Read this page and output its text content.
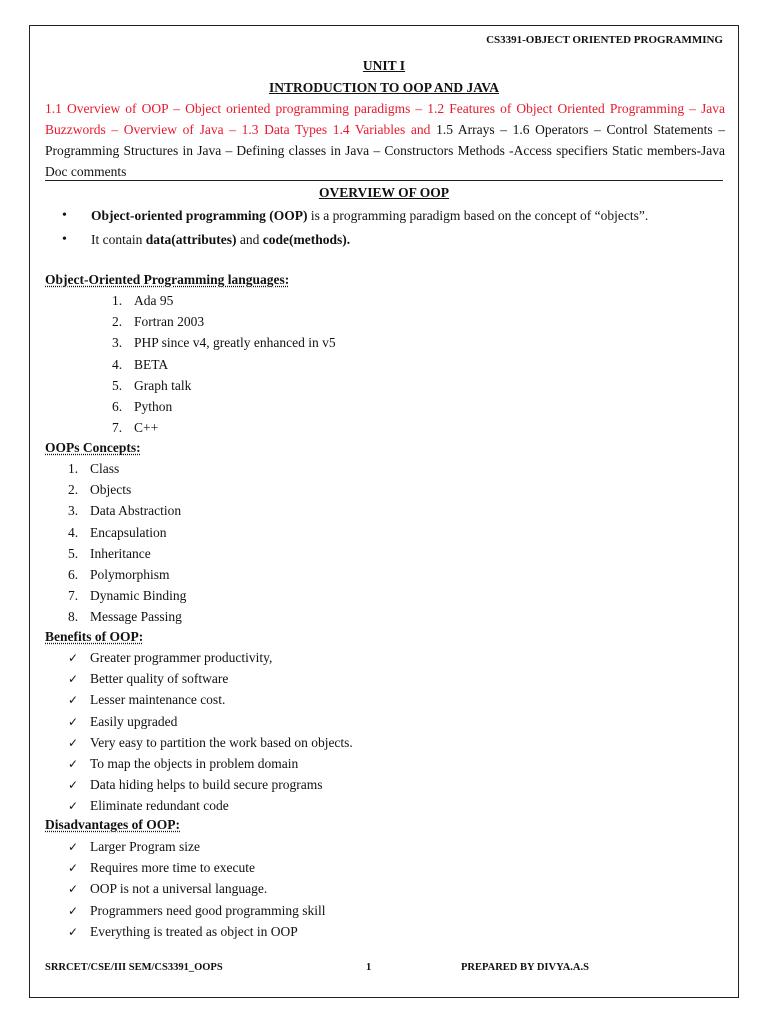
CS3391-OBJECT ORIENTED PROGRAMMING
UNIT I
INTRODUCTION TO OOP AND JAVA
1.1 Overview of OOP – Object oriented programming paradigms – 1.2 Features of Object Oriented Programming – Java Buzzwords – Overview of Java – 1.3 Data Types 1.4 Variables and 1.5 Arrays – 1.6 Operators – Control Statements – Programming Structures in Java – Defining classes in Java – Constructors Methods -Access specifiers Static members-Java Doc comments
OVERVIEW OF OOP
• Object-oriented programming (OOP) is a programming paradigm based on the concept of “objects”.
• It contain data(attributes) and code(methods).
Object-Oriented Programming languages:
1. Ada 95
2. Fortran 2003
3. PHP since v4, greatly enhanced in v5
4. BETA
5. Graph talk
6. Python
7. C++
OOPs Concepts:
1. Class
2. Objects
3. Data Abstraction
4. Encapsulation
5. Inheritance
6. Polymorphism
7. Dynamic Binding
8. Message Passing
Benefits of OOP:
✓ Greater programmer productivity,
✓ Better quality of software
✓ Lesser maintenance cost.
✓ Easily upgraded
✓ Very easy to partition the work based on objects.
✓ To map the objects in problem domain
✓ Data hiding helps to build secure programs
✓ Eliminate redundant code
Disadvantages of OOP:
✓ Larger Program size
✓ Requires more time to execute
✓ OOP is not a universal language.
✓ Programmers need good programming skill
✓ Everything is treated as object in OOP
SRRCET/CSE/III SEM/CS3391_OOPS	1	PREPARED BY DIVYA.A.S
